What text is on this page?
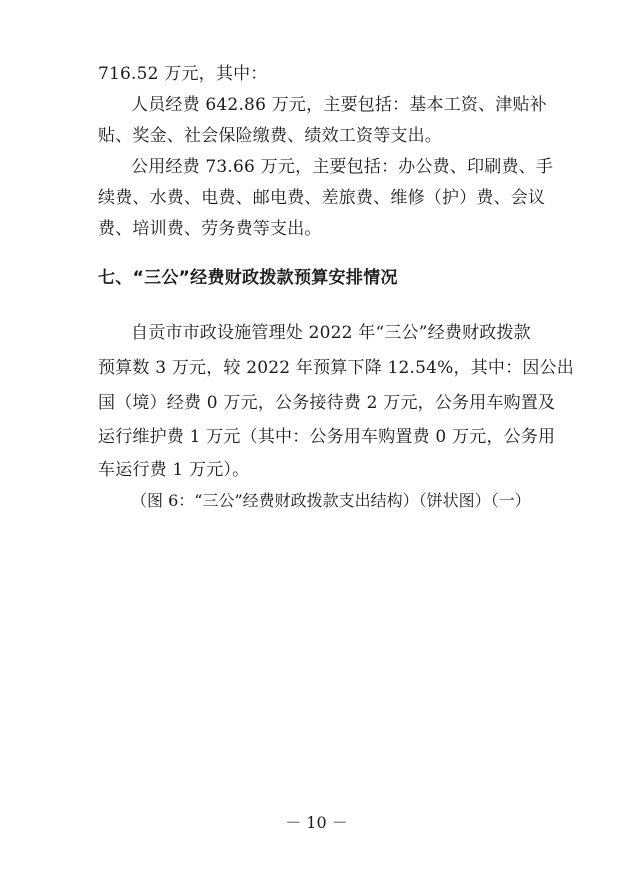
716.52 万元，其中：
人员经费 642.86 万元，主要包括：基本工资、津贴补
贴、奖金、社会保险缴费、绩效工资等支出。
公用经费 73.66 万元，主要包括：办公费、印刷费、手
续费、水费、电费、邮电费、差旅费、维修（护）费、会议
费、培训费、劳务费等支出。
七、“三公”经费财政拨款预算安排情况
自贡市市政设施管理处 2022 年“三公”经费财政拨款
预算数 3 万元，较 2022 年预算下降 12.54%，其中：因公出
国（境）经费 0 万元，公务接待费 2 万元，公务用车购置及
运行维护费 1 万元（其中：公务用车购置费 0 万元，公务用
车运行费 1 万元）。
（图 6：“三公”经费财政拨款支出结构）（饼状图）（一）
－ 10 －
